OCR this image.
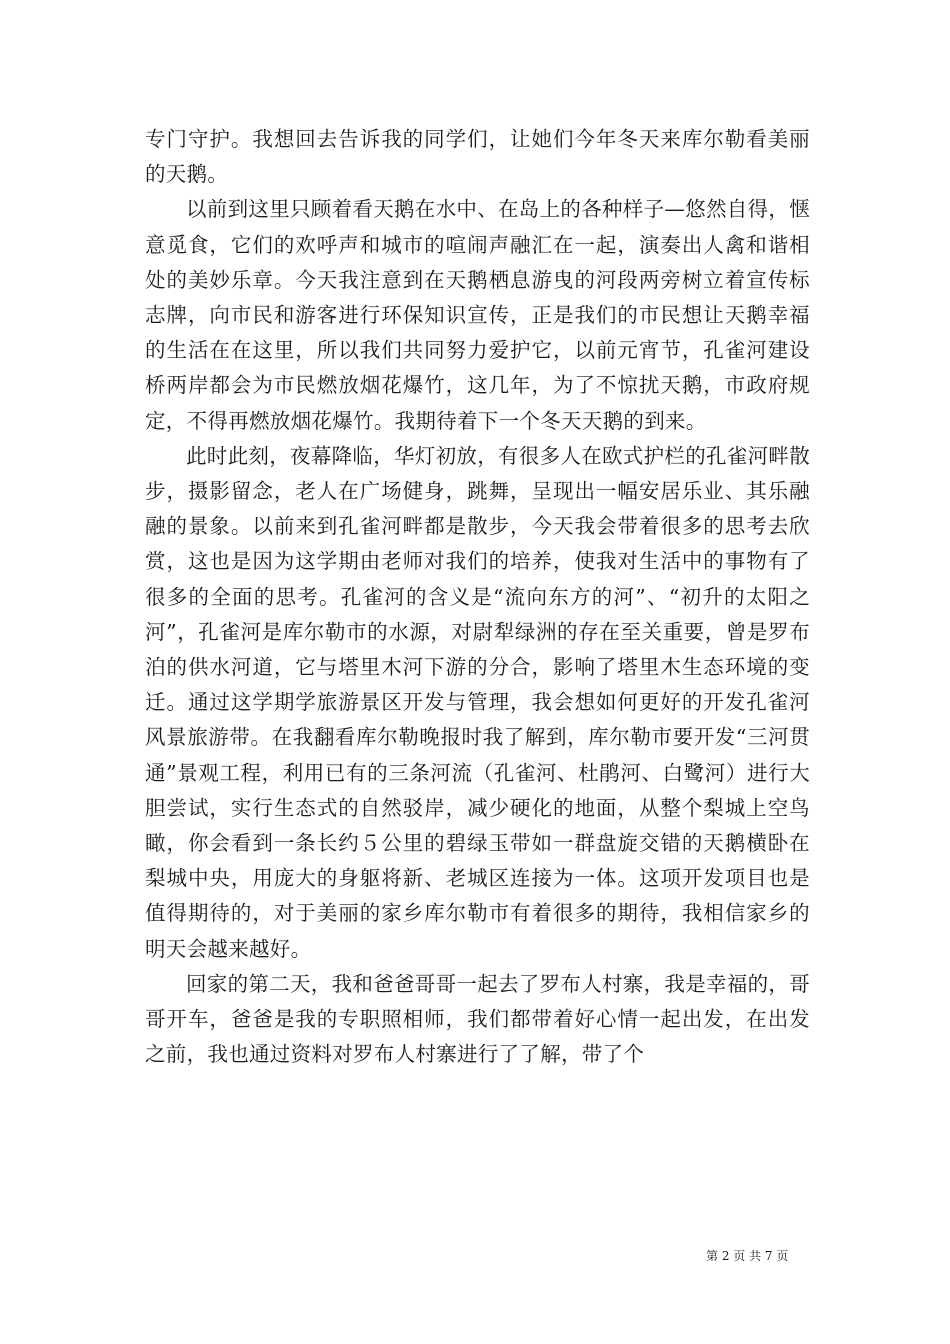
专门守护。我想回去告诉我的同学们，让她们今年冬天来库尔勒看美丽的天鹅。

以前到这里只顾着看天鹅在水中、在岛上的各种样子—悠然自得，惬意觅食，它们的欢呼声和城市的喧闹声融汇在一起，演奏出人禽和谐相处的美妙乐章。今天我注意到在天鹅栖息游曳的河段两旁树立着宣传标志牌，向市民和游客进行环保知识宣传，正是我们的市民想让天鹅幸福的生活在在这里，所以我们共同努力爱护它，以前元宵节，孔雀河建设桥两岸都会为市民燃放烟花爆竹，这几年，为了不惊扰天鹅，市政府规定，不得再燃放烟花爆竹。我期待着下一个冬天天鹅的到来。

此时此刻，夜幕降临，华灯初放，有很多人在欧式护栏的孔雀河畔散步，摄影留念，老人在广场健身，跳舞，呈现出一幅安居乐业、其乐融融的景象。以前来到孔雀河畔都是散步，今天我会带着很多的思考去欣赏，这也是因为这学期由老师对我们的培养，使我对生活中的事物有了很多的全面的思考。孔雀河的含义是“流向东方的河”、“初升的太阳之河”，孔雀河是库尔勒市的水源，对尉犁绿洲的存在至关重要，曾是罗布泊的供水河道，它与塔里木河下游的分合，影响了塔里木生态环境的变迁。通过这学期学旅游景区开发与管理，我会想如何更好的开发孔雀河风景旅游带。在我翻看库尔勒晚报时我了解到，库尔勒市要开发“三河贯通”景观工程，利用已有的三条河流（孔雀河、杜鹃河、白鹭河）进行大胆尝试，实行生态式的自然驳岸，减少硬化的地面，从整个梨城上空鸟瞰，你会看到一条长约５公里的碧绿玉带如一群盘旋交错的天鹅横卧在梨城中央，用庞大的身躯将新、老城区连接为一体。这项开发项目也是值得期待的，对于美丽的家乡库尔勒市有着很多的期待，我相信家乡的明天会越来越好。

回家的第二天，我和爸爸哥哥一起去了罗布人村寨，我是幸福的，哥哥开车，爸爸是我的专职照相师，我们都带着好心情一起出发，在出发之前，我也通过资料对罗布人村寨进行了了解，带了个

第 2 页 共 7 页
